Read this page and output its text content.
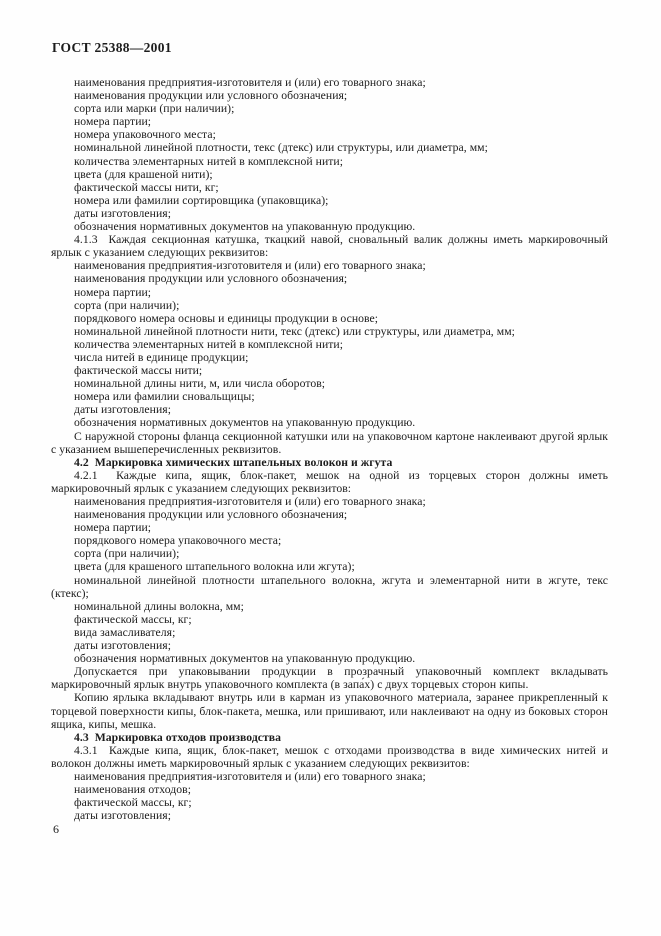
ГОСТ 25388—2001

наименования предприятия-изготовителя и (или) его товарного знака;

наименования продукции или условного обозначения;

сорта или марки (при наличии);

номера партии;

номера упаковочного места;

номинальной линейной плотности, текс (дтекс) или структуры, или диаметра, мм;

количества элементарных нитей в комплексной нити;

цвета (для крашеной нити);

фактической массы нити, кг;

номера или фамилии сортировщика (упаковщика);

даты изготовления;

обозначения нормативных документов на упакованную продукцию.

4.1.3  Каждая секционная катушка, ткацкий навой, сновальный валик должны иметь маркировочный ярлык с указанием следующих реквизитов:

наименования предприятия-изготовителя и (или) его товарного знака;

наименования продукции или условного обозначения;

номера партии;

сорта (при наличии);

порядкового номера основы и единицы продукции в основе;

номинальной линейной плотности нити, текс (дтекс) или структуры, или диаметра, мм;

количества элементарных нитей в комплексной нити;

числа нитей в единице продукции;

фактической массы нити;

номинальной длины нити, м, или числа оборотов;

номера или фамилии сновальщицы;

даты изготовления;

обозначения нормативных документов на упакованную продукцию.

С наружной стороны фланца секционной катушки или на упаковочном картоне наклеивают другой ярлык с указанием вышеперечисленных реквизитов.

4.2  Маркировка химических штапельных волокон и жгута

4.2.1  Каждые кипа, ящик, блок-пакет, мешок на одной из торцевых сторон должны иметь маркировочный ярлык с указанием следующих реквизитов:

наименования предприятия-изготовителя и (или) его товарного знака;

наименования продукции или условного обозначения;

номера партии;

порядкового номера упаковочного места;

сорта (при наличии);

цвета (для крашеного штапельного волокна или жгута);

номинальной линейной плотности штапельного волокна, жгута и элементарной нити в жгуте, текс (ктекс);

номинальной длины волокна, мм;

фактической массы, кг;

вида замасливателя;

даты изготовления;

обозначения нормативных документов на упакованную продукцию.

Допускается при упаковывании продукции в прозрачный упаковочный комплект вкладывать маркировочный ярлык внутрь упаковочного комплекта (в запа́х) с двух торцевых сторон кипы.

Копию ярлыка вкладывают внутрь или в карман из упаковочного материала, заранее прикрепленный к торцевой поверхности кипы, блок-пакета, мешка, или пришивают, или наклеивают на одну из боковых сторон ящика, кипы, мешка.

4.3  Маркировка отходов производства

4.3.1  Каждые кипа, ящик, блок-пакет, мешок с отходами производства в виде химических нитей и волокон должны иметь маркировочный ярлык с указанием следующих реквизитов:

наименования предприятия-изготовителя и (или) его товарного знака;

наименования отходов;

фактической массы, кг;

даты изготовления;

6
